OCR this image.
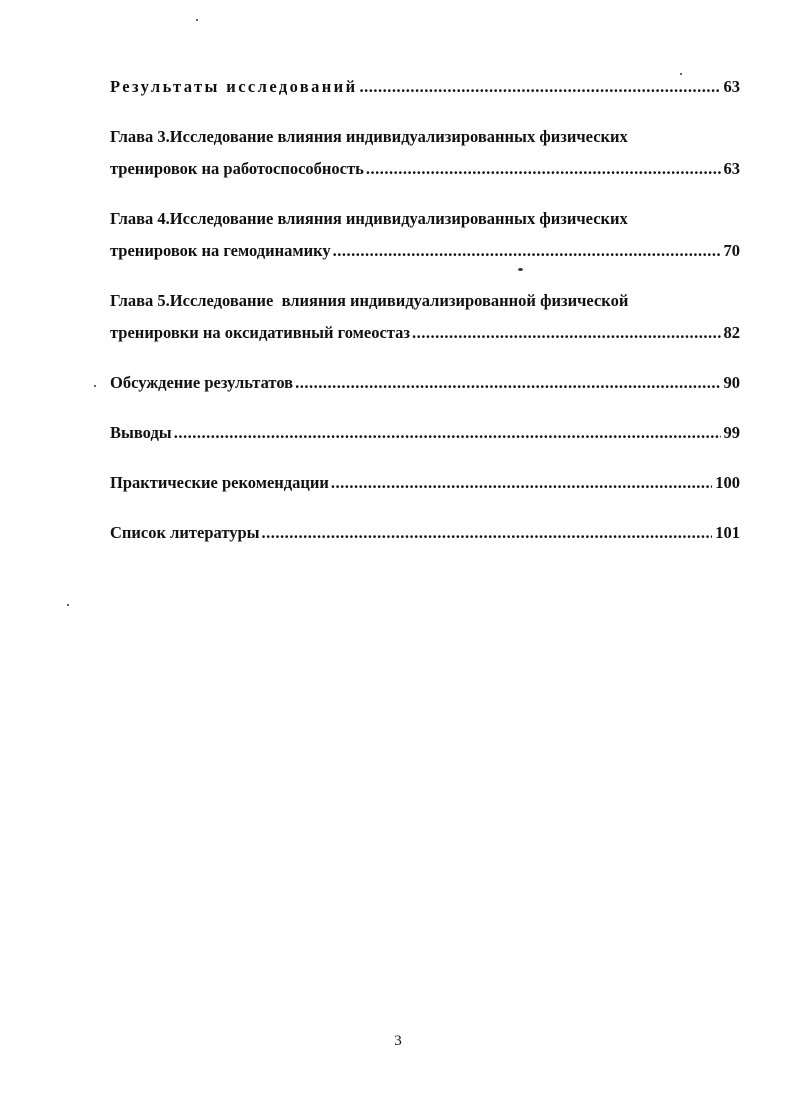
Результаты исследований .....	63
Глава 3.Исследование влияния индивидуализированных физических
тренировок на работоспособность .....	63
Глава 4.Исследование влияния индивидуализированных физических
тренировок на гемодинамику .....	70
Глава 5.Исследование  влияния индивидуализированной физической
тренировки на оксидативный гомеостаз .....	82
Обсуждение результатов .....	90
Выводы .....	99
Практические рекомендации .....	100
Список литературы .....	101
3
